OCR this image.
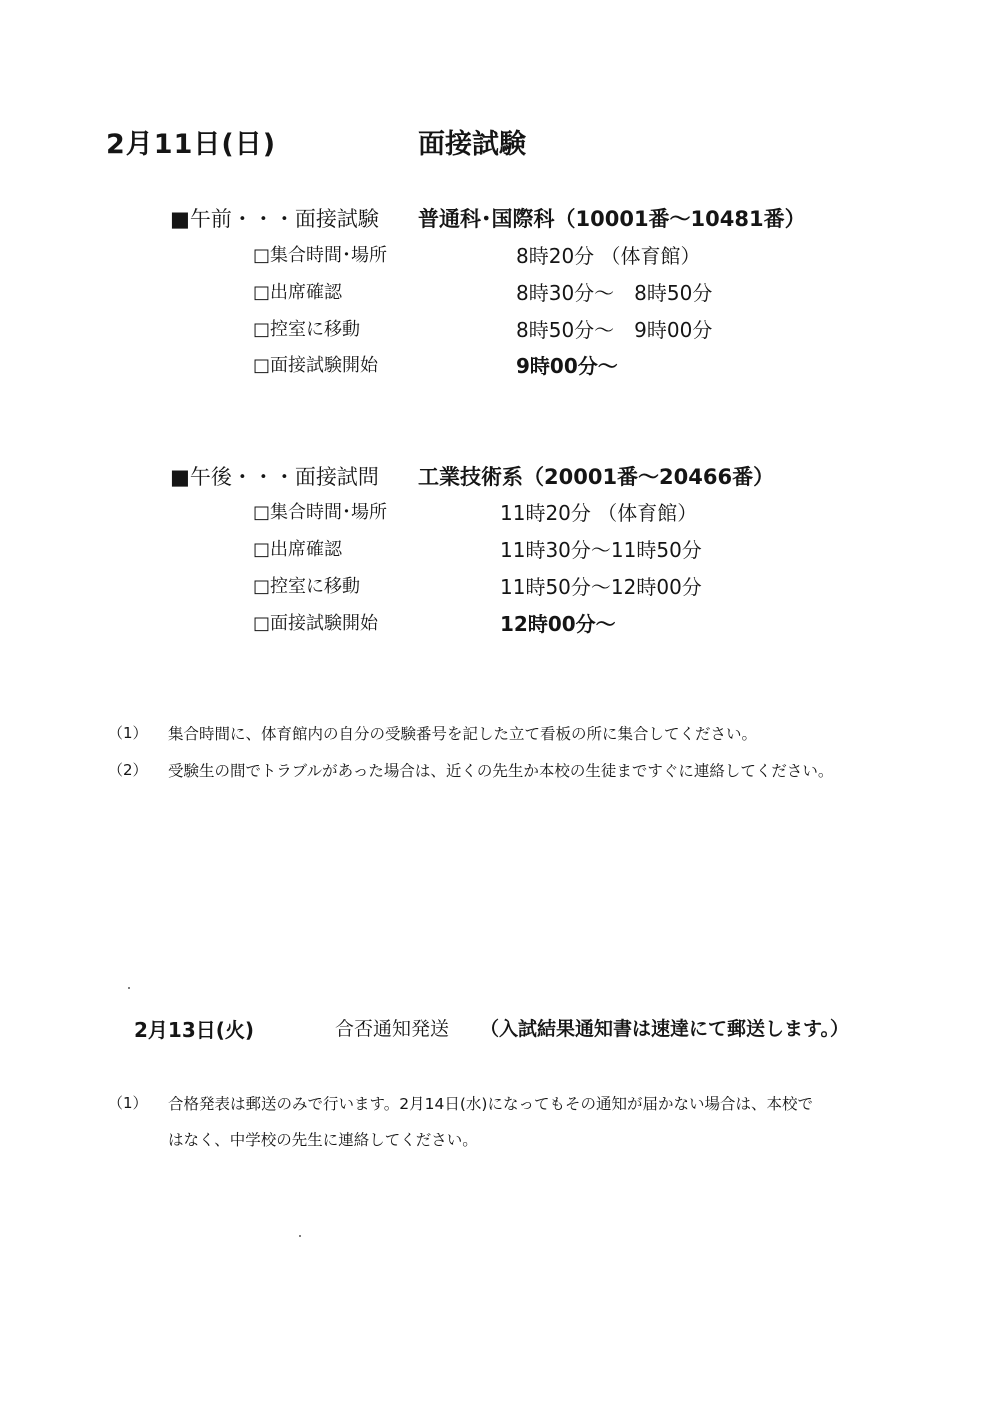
2月11日(日)	面接試験
■午前・・・面接試験 普通科･国際科（10001番～10481番）
□集合時間･場所	8時20分 （体育館）
□出席確認	8時30分～　8時50分
□控室に移動	8時50分～　9時00分
□面接試験開始	9時00分～
■午後・・・面接試問 工業技術系（20001番～20466番）
□集合時間･場所	11時20分 （体育館）
□出席確認	11時30分～11時50分
□控室に移動	11時50分～12時00分
□面接試験開始	12時00分～
（1） 集合時間に、体育館内の自分の受験番号を記した立て看板の所に集合してください。
（2） 受験生の間でトラブルがあった場合は、近くの先生か本校の生徒まですぐに連絡してください。
2月13日(火)	合否通知発送 （入試結果通知書は速達にて郵送します。）
（1） 合格発表は郵送のみで行います。2月14日(水)になってもその通知が届かない場合は、本校で
はなく、中学校の先生に連絡してください。
